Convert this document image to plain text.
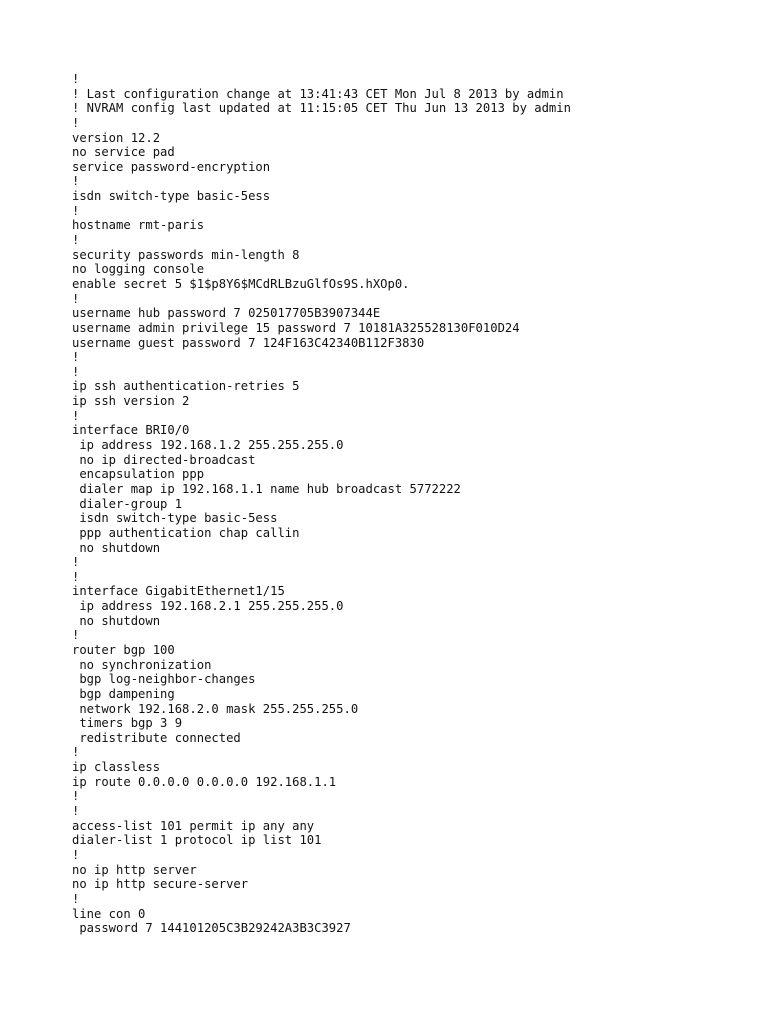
!
! Last configuration change at 13:41:43 CET Mon Jul 8 2013 by admin
! NVRAM config last updated at 11:15:05 CET Thu Jun 13 2013 by admin
!
version 12.2
no service pad
service password-encryption
!
isdn switch-type basic-5ess
!
hostname rmt-paris
!
security passwords min-length 8
no logging console
enable secret 5 $1$p8Y6$MCdRLBzuGlfOs9S.hXOp0.
!
username hub password 7 025017705B3907344E
username admin privilege 15 password 7 10181A325528130F010D24
username guest password 7 124F163C42340B112F3830
!
!
ip ssh authentication-retries 5
ip ssh version 2
!
interface BRI0/0
ip address 192.168.1.2 255.255.255.0
no ip directed-broadcast
encapsulation ppp
dialer map ip 192.168.1.1 name hub broadcast 5772222
dialer-group 1
isdn switch-type basic-5ess
ppp authentication chap callin
no shutdown
!
!
interface GigabitEthernet1/15
ip address 192.168.2.1 255.255.255.0
no shutdown
!
router bgp 100
no synchronization
bgp log-neighbor-changes
bgp dampening
network 192.168.2.0 mask 255.255.255.0
timers bgp 3 9
redistribute connected
!
ip classless
ip route 0.0.0.0 0.0.0.0 192.168.1.1
!
!
access-list 101 permit ip any any
dialer-list 1 protocol ip list 101
!
no ip http server
no ip http secure-server
!
line con 0
password 7 144101205C3B29242A3B3C3927
